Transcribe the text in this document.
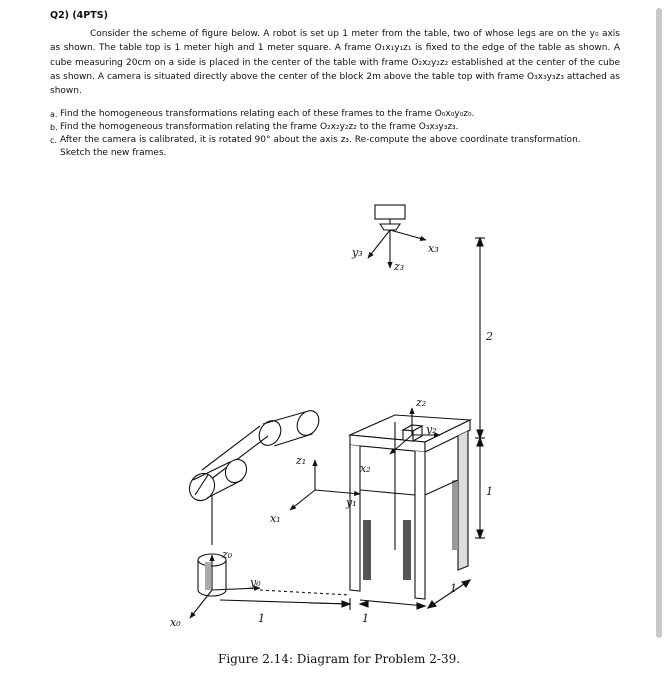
Q2) (4PTS)

Consider the scheme of figure below. A robot is set up 1 meter from the table, two of whose legs are on the y₀ axis as shown. The table top is 1 meter high and 1 meter square. A frame O₁x₁y₁z₁ is fixed to the edge of the table as shown. A cube measuring 20cm on a side is placed in the center of the table with frame O₂x₂y₂z₂ established at the center of the cube as shown. A camera is situated directly above the center of the block 2m above the table top with frame O₃x₃y₃z₃ attached as shown.

a. Find the homogeneous transformations relating each of these frames to the frame O₀x₀y₀z₀.
b. Find the homogeneous transformation relating the frame O₂x₂y₂z₂ to the frame O₃x₃y₃z₃.
c. After the camera is calibrated, it is rotated 90° about the axis z₃. Re-compute the above coordinate transformation.
Sketch the new frames.
x₃
y₃
z₃
2
1
z₂
y₂
x₂
z₁
y₁
x₁
z₀
y₀
x₀
1
1	1
Figure 2.14: Diagram for Problem 2-39.
